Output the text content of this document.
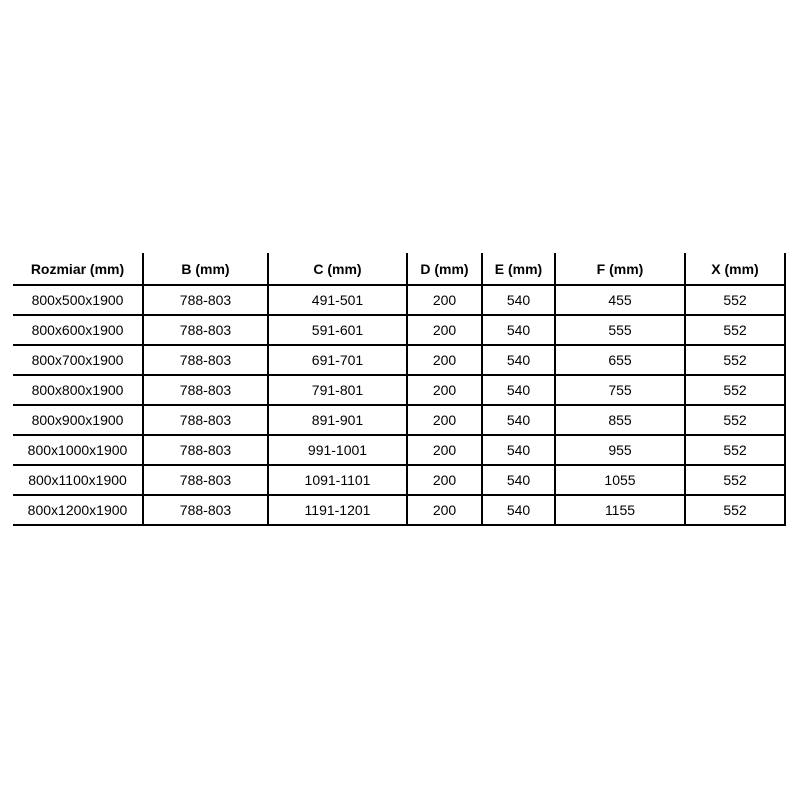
Rozmiar (mm)	B (mm)	C (mm)	D (mm)	E (mm)	F (mm)	X (mm)
800x500x1900	788-803	491-501	200	540	455	552
800x600x1900	788-803	591-601	200	540	555	552
800x700x1900	788-803	691-701	200	540	655	552
800x800x1900	788-803	791-801	200	540	755	552
800x900x1900	788-803	891-901	200	540	855	552
800x1000x1900	788-803	991-1001	200	540	955	552
800x1100x1900	788-803	1091-1101	200	540	1055	552
800x1200x1900	788-803	1191-1201	200	540	1155	552
